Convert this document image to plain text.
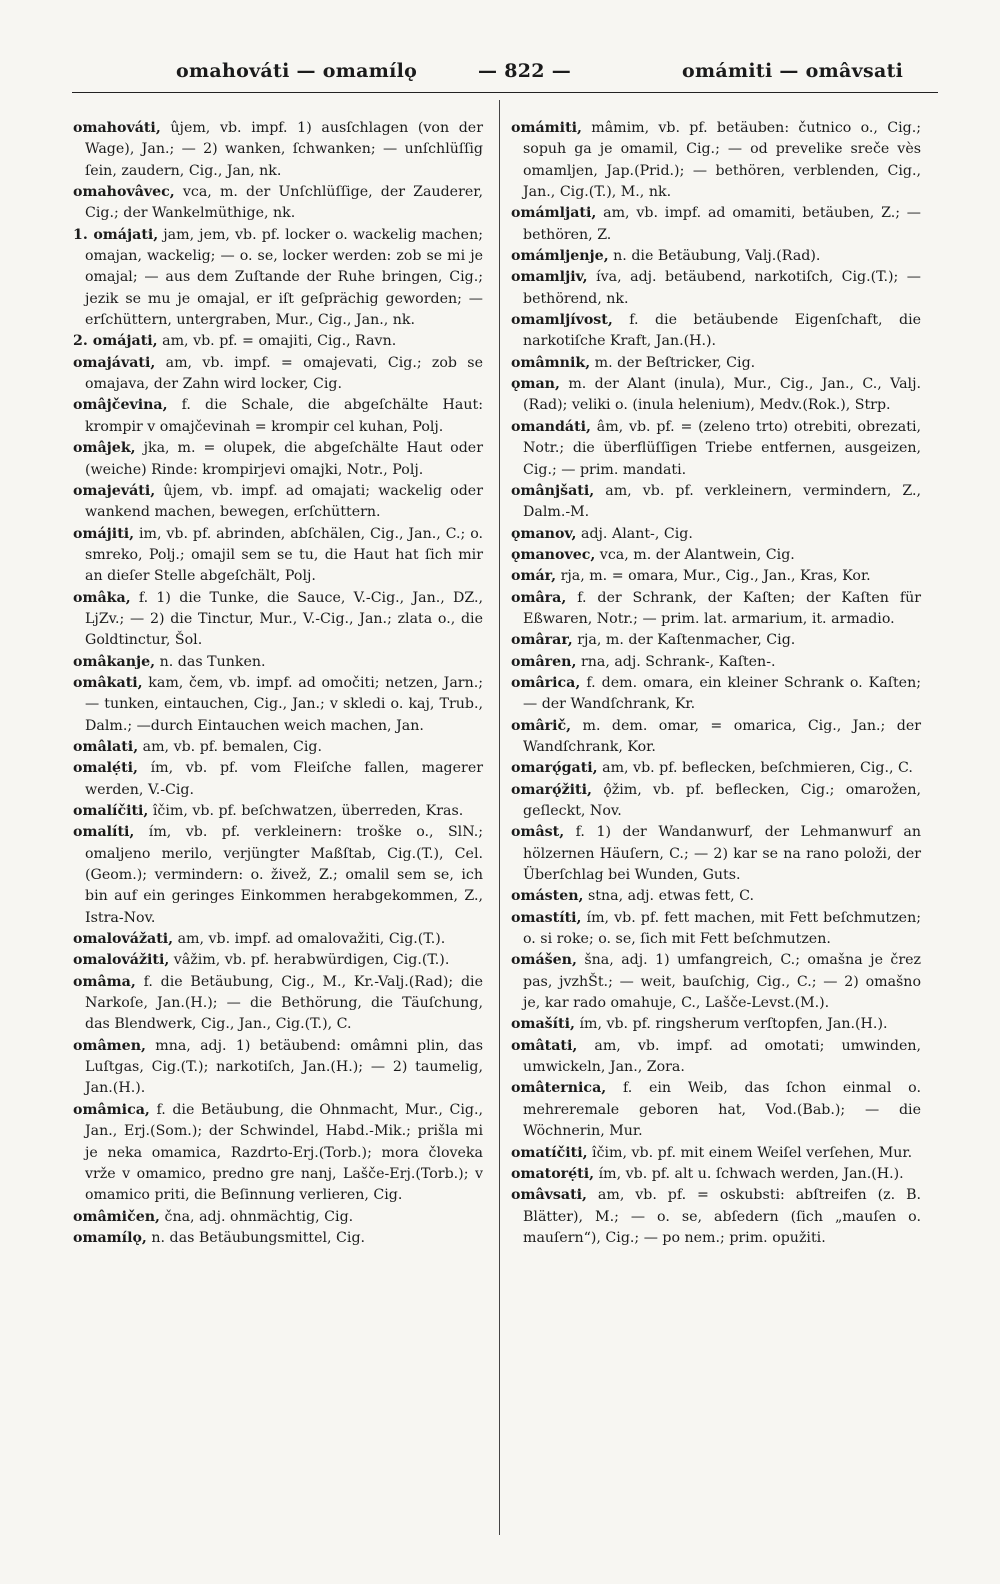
omahováti — omamílǫ	— 822 —	omámiti — omâvsati

omahováti, ûjem, vb. impf. 1) ausſchlagen (von der Wage), Jan.; — 2) wanken, ſchwanken; — unſchlüſſig ſein, zaudern, Cig., Jan, nk.

omahovâvec, vca, m. der Unſchlüſſige, der Zauderer, Cig.; der Wankelmüthige, nk.

1. omájati, jam, jem, vb. pf. locker o. wackelig machen; omajan, wackelig; — o. se, locker werden: zob se mi je omajal; — aus dem Zuſtande der Ruhe bringen, Cig.; jezik se mu je omajal, er iſt geſprächig geworden; — erſchüttern, untergraben, Mur., Cig., Jan., nk.

2. omájati, am, vb. pf. = omajiti, Cig., Ravn.

omajávati, am, vb. impf. = omajevati, Cig.; zob se omajava, der Zahn wird locker, Cig.

omâjčevina, f. die Schale, die abgeſchälte Haut: krompir v omajčevinah = krompir cel kuhan, Polj.

omâjek, jka, m. = olupek, die abgeſchälte Haut oder (weiche) Rinde: krompirjevi omajki, Notr., Polj.

omajeváti, ûjem, vb. impf. ad omajati; wackelig oder wankend machen, bewegen, erſchüttern.

omájiti, im, vb. pf. abrinden, abſchälen, Cig., Jan., C.; o. smreko, Polj.; omajil sem se tu, die Haut hat ſich mir an dieſer Stelle abgeſchält, Polj.

omâka, f. 1) die Tunke, die Sauce, V.-Cig., Jan., DZ., LjZv.; — 2) die Tinctur, Mur., V.-Cig., Jan.; zlata o., die Goldtinctur, Šol.

omâkanje, n. das Tunken.

omâkati, kam, čem, vb. impf. ad omočiti; netzen, Jarn.; — tunken, eintauchen, Cig., Jan.; v skledi o. kaj, Trub., Dalm.; —durch Eintauchen weich machen, Jan.

omâlati, am, vb. pf. bemalen, Cig.

omalẹ́ti, ím, vb. pf. vom Fleiſche fallen, magerer werden, V.-Cig.

omalíčiti, îčim, vb. pf. beſchwatzen, überreden, Kras.

omalíti, ím, vb. pf. verkleinern: troške o., SlN.; omaljeno merilo, verjüngter Maßſtab, Cig.(T.), Cel.(Geom.); vermindern: o. živež, Z.; omalil sem se, ich bin auf ein geringes Einkommen herabgekommen, Z., Istra-Nov.

omalovážati, am, vb. impf. ad omalovažiti, Cig.(T.).

omalovážiti, vâžim, vb. pf. herabwürdigen, Cig.(T.).

omâma, f. die Betäubung, Cig., M., Kr.-Valj.(Rad); die Narkoſe, Jan.(H.); — die Bethörung, die Täuſchung, das Blendwerk, Cig., Jan., Cig.(T.), C.

omâmen, mna, adj. 1) betäubend: omâmni plin, das Luſtgas, Cig.(T.); narkotiſch, Jan.(H.); — 2) taumelig, Jan.(H.).

omâmica, f. die Betäubung, die Ohnmacht, Mur., Cig., Jan., Erj.(Som.); der Schwindel, Habd.-Mik.; prišla mi je neka omamica, Razdrto-Erj.(Torb.); mora človeka vrže v omamico, predno gre nanj, Lašče-Erj.(Torb.); v omamico priti, die Beſinnung verlieren, Cig.

omâmičen, čna, adj. ohnmächtig, Cig.

omamílǫ, n. das Betäubungsmittel, Cig.

omámiti, mâmim, vb. pf. betäuben: čutnico o., Cig.; sopuh ga je omamil, Cig.; — od prevelike sreče vès omamljen, Jap.(Prid.); — bethören, verblenden, Cig., Jan., Cig.(T.), M., nk.

omámljati, am, vb. impf. ad omamiti, betäuben, Z.; — bethören, Z.

omámljenje, n. die Betäubung, Valj.(Rad).

omamljiv, íva, adj. betäubend, narkotiſch, Cig.(T.); — bethörend, nk.

omamljívost, f. die betäubende Eigenſchaft, die narkotiſche Kraft, Jan.(H.).

omâmnik, m. der Beſtricker, Cig.

ǫman, m. der Alant (inula), Mur., Cig., Jan., C., Valj.(Rad); veliki o. (inula helenium), Medv.(Rok.), Strp.

omandáti, âm, vb. pf. = (zeleno trto) otrebiti, obrezati, Notr.; die überflüſſigen Triebe entfernen, ausgeizen, Cig.; — prim. mandati.

omânjšati, am, vb. pf. verkleinern, vermindern, Z., Dalm.-M.

ǫmanov, adj. Alant-, Cig.

ǫmanovec, vca, m. der Alantwein, Cig.

omár, rja, m. = omara, Mur., Cig., Jan., Kras, Kor.

omâra, f. der Schrank, der Kaſten; der Kaſten für Eßwaren, Notr.; — prim. lat. armarium, it. armadio.

omârar, rja, m. der Kaſtenmacher, Cig.

omâren, rna, adj. Schrank-, Kaſten-.

omârica, f. dem. omara, ein kleiner Schrank o. Kaſten; — der Wandſchrank, Kr.

omârič, m. dem. omar, = omarica, Cig., Jan.; der Wandſchrank, Kor.

omarǫ́gati, am, vb. pf. beflecken, beſchmieren, Cig., C.

omarǫ́žiti, ǫ̂žim, vb. pf. beflecken, Cig.; omarožen, geſleckt, Nov.

omâst, f. 1) der Wandanwurf, der Lehmanwurf an hölzernen Häuſern, C.; — 2) kar se na rano položi, der Überſchlag bei Wunden, Guts.

omásten, stna, adj. etwas fett, C.

omastíti, ím, vb. pf. fett machen, mit Fett beſchmutzen; o. si roke; o. se, ſich mit Fett beſchmutzen.

omášen, šna, adj. 1) umfangreich, C.; omašna je črez pas, jvzhŠt.; — weit, bauſchig, Cig., C.; — 2) omašno je, kar rado omahuje, C., Lašče-Levst.(M.).

omašíti, ím, vb. pf. ringsherum verſtopfen, Jan.(H.).

omâtati, am, vb. impf. ad omotati; umwinden, umwickeln, Jan., Zora.

omâternica, f. ein Weib, das ſchon einmal o. mehreremale geboren hat, Vod.(Bab.); — die Wöchnerin, Mur.

omatíčiti, îčim, vb. pf. mit einem Weiſel verſehen, Mur.

omatorẹ́ti, ím, vb. pf. alt u. ſchwach werden, Jan.(H.).

omâvsati, am, vb. pf. = oskubsti: abſtreifen (z. B. Blätter), M.; — o. se, abſedern (ſich „mauſen o. mauſern“), Cig.; — po nem.; prim. opužiti.
